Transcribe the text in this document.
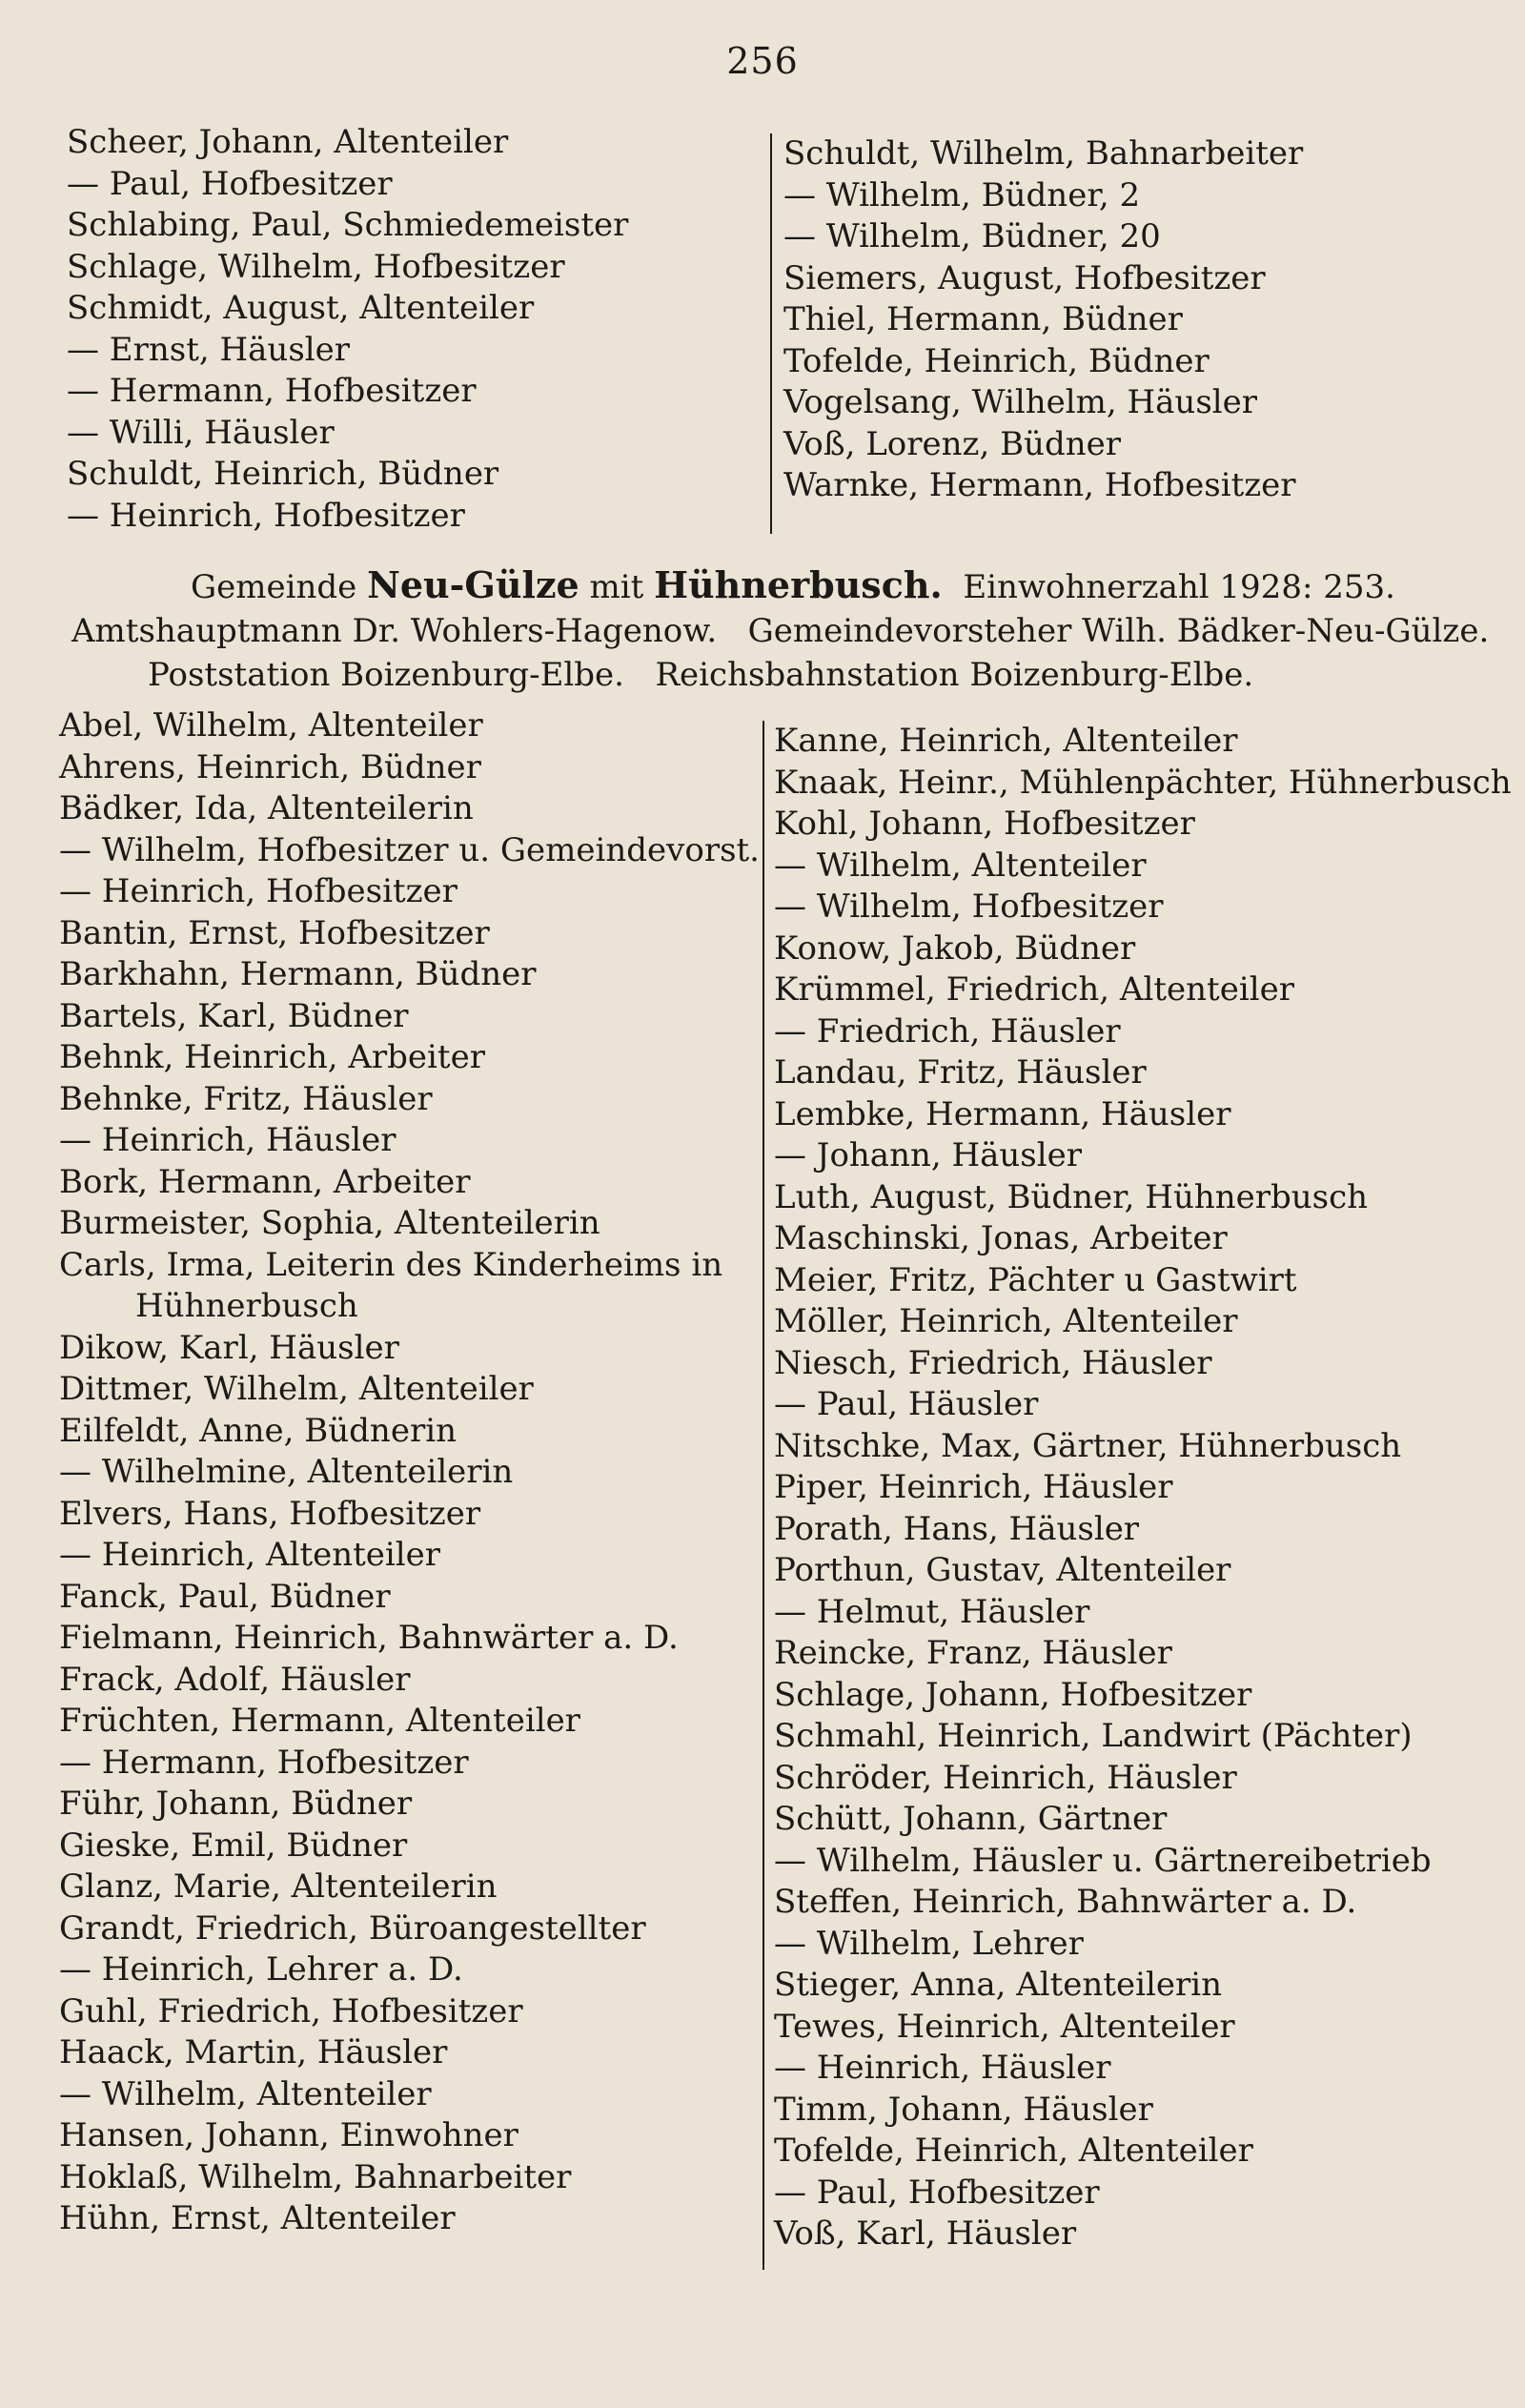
256
Scheer, Johann, Altenteiler
— Paul, Hofbesitzer
Schlabing, Paul, Schmiedemeister
Schlage, Wilhelm, Hofbesitzer
Schmidt, August, Altenteiler
— Ernst, Häusler
— Hermann, Hofbesitzer
— Willi, Häusler
Schuldt, Heinrich, Büdner
— Heinrich, Hofbesitzer
Schuldt, Wilhelm, Bahnarbeiter
— Wilhelm, Büdner, 2
— Wilhelm, Büdner, 20
Siemers, August, Hofbesitzer
Thiel, Hermann, Büdner
Tofelde, Heinrich, Büdner
Vogelsang, Wilhelm, Häusler
Voß, Lorenz, Büdner
Warnke, Hermann, Hofbesitzer
Gemeinde Neu-Gülze mit Hühnerbusch. Einwohnerzahl 1928: 253.
Amtshauptmann Dr. Wohlers-Hagenow. Gemeindevorsteher Wilh. Bädker-Neu-Gülze.
Poststation Boizenburg-Elbe. Reichsbahnstation Boizenburg-Elbe.
Abel, Wilhelm, Altenteiler
Ahrens, Heinrich, Büdner
Bädker, Ida, Altenteilerin
— Wilhelm, Hofbesitzer u. Gemeindevorst.
— Heinrich, Hofbesitzer
Bantin, Ernst, Hofbesitzer
Barkhahn, Hermann, Büdner
Bartels, Karl, Büdner
Behnk, Heinrich, Arbeiter
Behnke, Fritz, Häusler
— Heinrich, Häusler
Bork, Hermann, Arbeiter
Burmeister, Sophia, Altenteilerin
Carls, Irma, Leiterin des Kinderheims in
Hühnerbusch
Dikow, Karl, Häusler
Dittmer, Wilhelm, Altenteiler
Eilfeldt, Anne, Büdnerin
— Wilhelmine, Altenteilerin
Elvers, Hans, Hofbesitzer
— Heinrich, Altenteiler
Fanck, Paul, Büdner
Fielmann, Heinrich, Bahnwärter a. D.
Frack, Adolf, Häusler
Früchten, Hermann, Altenteiler
— Hermann, Hofbesitzer
Führ, Johann, Büdner
Gieske, Emil, Büdner
Glanz, Marie, Altenteilerin
Grandt, Friedrich, Büroangestellter
— Heinrich, Lehrer a. D.
Guhl, Friedrich, Hofbesitzer
Haack, Martin, Häusler
— Wilhelm, Altenteiler
Hansen, Johann, Einwohner
Hoklaß, Wilhelm, Bahnarbeiter
Hühn, Ernst, Altenteiler
Kanne, Heinrich, Altenteiler
Knaak, Heinr., Mühlenpächter, Hühnerbusch
Kohl, Johann, Hofbesitzer
— Wilhelm, Altenteiler
— Wilhelm, Hofbesitzer
Konow, Jakob, Büdner
Krümmel, Friedrich, Altenteiler
— Friedrich, Häusler
Landau, Fritz, Häusler
Lembke, Hermann, Häusler
— Johann, Häusler
Luth, August, Büdner, Hühnerbusch
Maschinski, Jonas, Arbeiter
Meier, Fritz, Pächter u Gastwirt
Möller, Heinrich, Altenteiler
Niesch, Friedrich, Häusler
— Paul, Häusler
Nitschke, Max, Gärtner, Hühnerbusch
Piper, Heinrich, Häusler
Porath, Hans, Häusler
Porthun, Gustav, Altenteiler
— Helmut, Häusler
Reincke, Franz, Häusler
Schlage, Johann, Hofbesitzer
Schmahl, Heinrich, Landwirt (Pächter)
Schröder, Heinrich, Häusler
Schütt, Johann, Gärtner
— Wilhelm, Häusler u. Gärtnereibetrieb
Steffen, Heinrich, Bahnwärter a. D.
— Wilhelm, Lehrer
Stieger, Anna, Altenteilerin
Tewes, Heinrich, Altenteiler
— Heinrich, Häusler
Timm, Johann, Häusler
Tofelde, Heinrich, Altenteiler
— Paul, Hofbesitzer
Voß, Karl, Häusler
